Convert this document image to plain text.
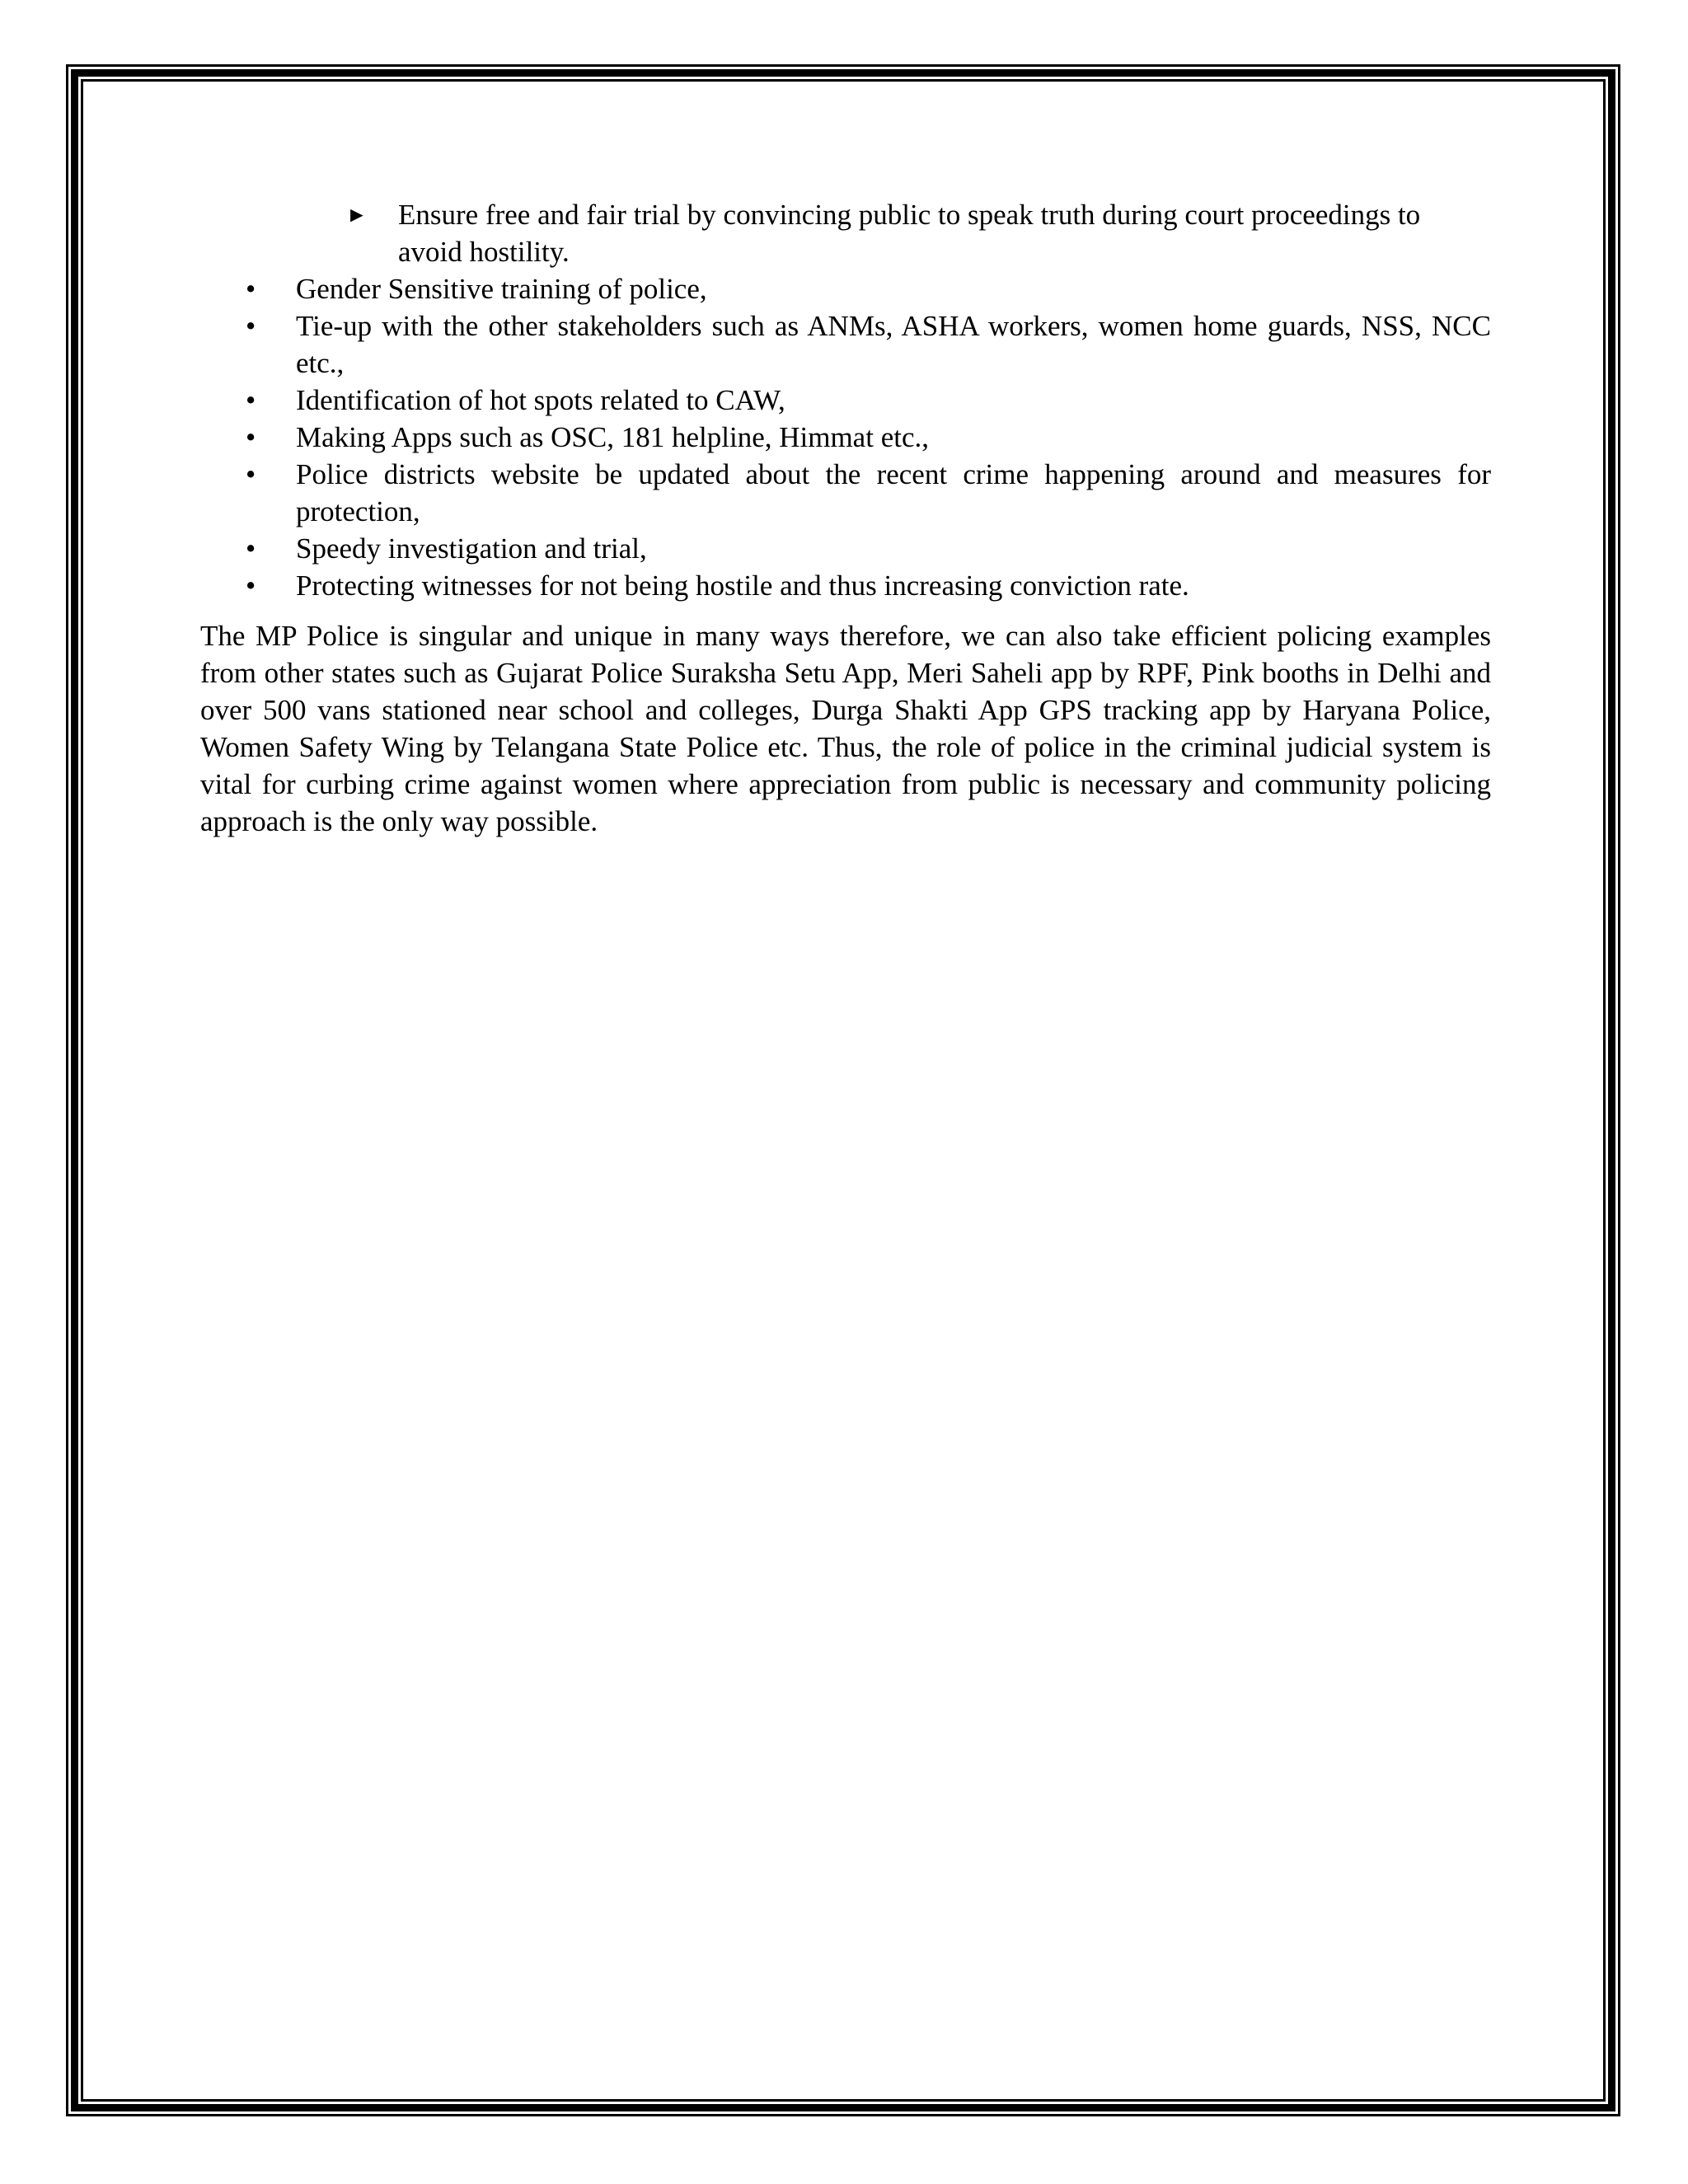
► Ensure free and fair trial by convincing public to speak truth during court proceedings to avoid hostility.
• Gender Sensitive training of police,
• Tie-up with the other stakeholders such as ANMs, ASHA workers, women home guards, NSS, NCC etc.,
• Identification of hot spots related to CAW,
• Making Apps such as OSC, 181 helpline, Himmat etc.,
• Police districts website be updated about the recent crime happening around and measures for protection,
• Speedy investigation and trial,
• Protecting witnesses for not being hostile and thus increasing conviction rate.

The MP Police is singular and unique in many ways therefore, we can also take efficient policing examples from other states such as Gujarat Police Suraksha Setu App, Meri Saheli app by RPF, Pink booths in Delhi and over 500 vans stationed near school and colleges, Durga Shakti App GPS tracking app by Haryana Police, Women Safety Wing by Telangana State Police etc. Thus, the role of police in the criminal judicial system is vital for curbing crime against women where appreciation from public is necessary and community policing approach is the only way possible.
